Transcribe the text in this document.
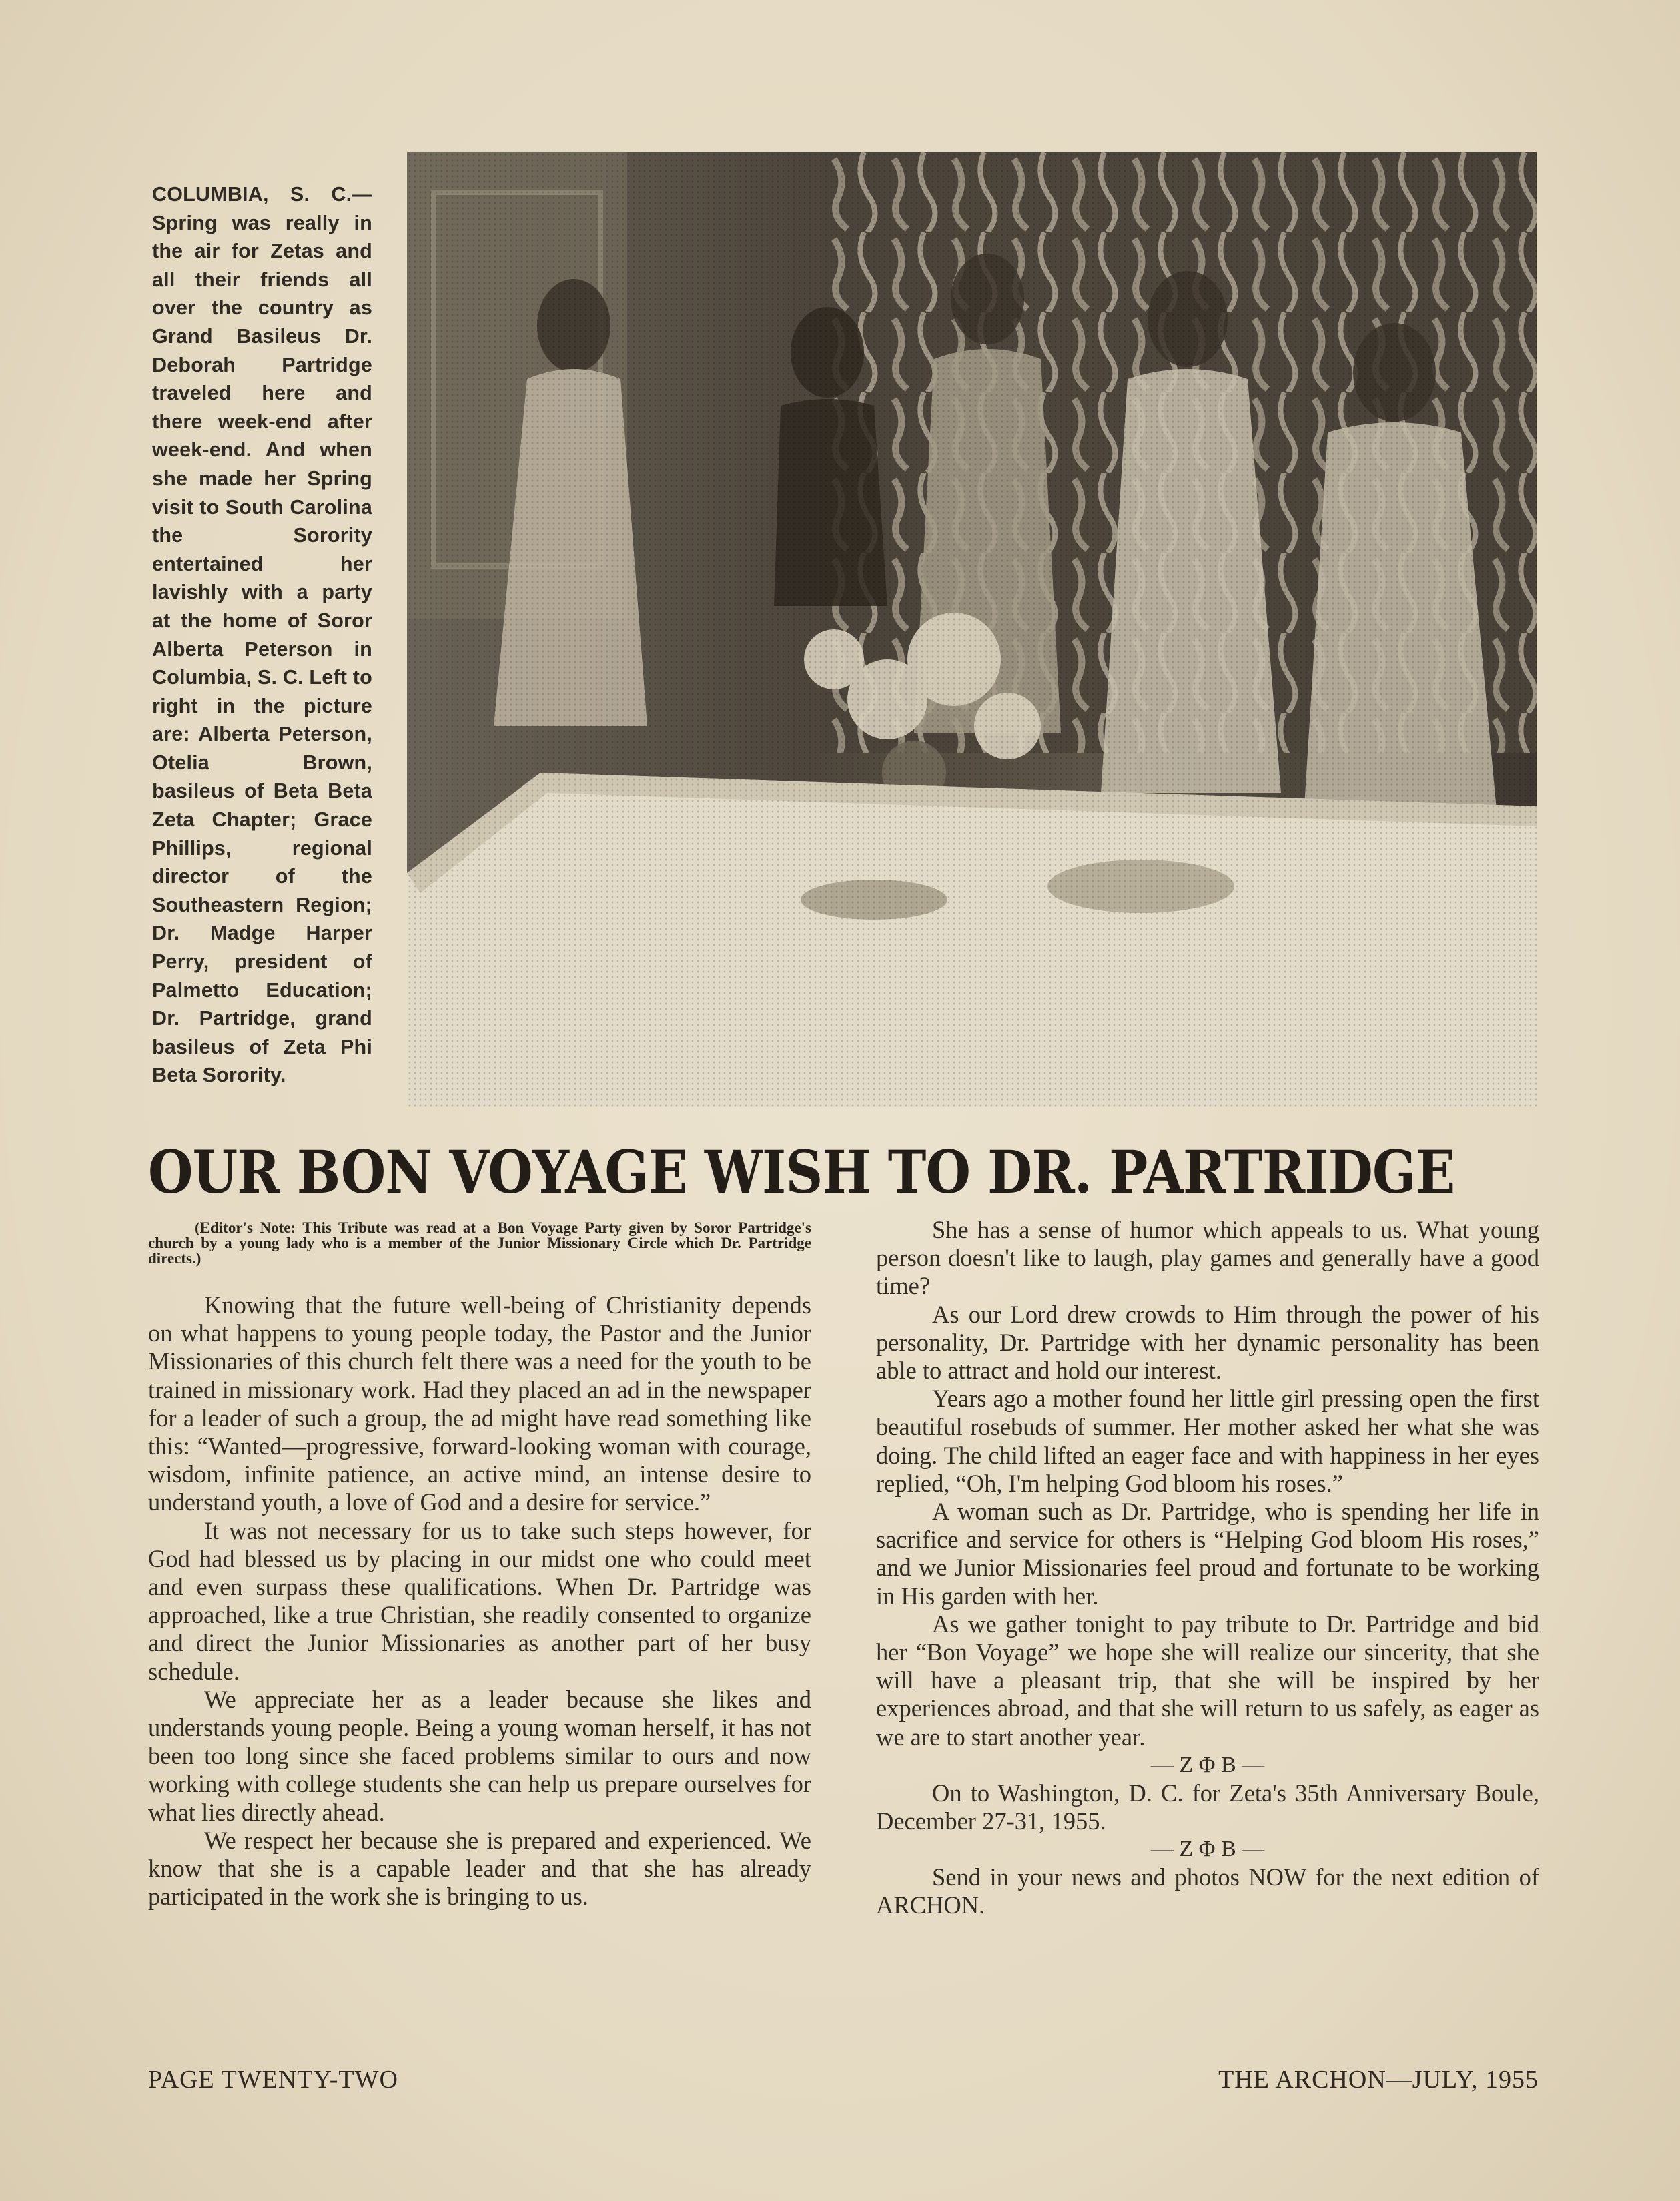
COLUMBIA, S. C.— Spring was really in the air for Zetas and all their friends all over the country as Grand Basileus Dr. Deborah Partridge traveled here and there week-end after week-end. And when she made her Spring visit to South Carolina the Sorority entertained her lavishly with a party at the home of Soror Alberta Peterson in Columbia, S. C. Left to right in the picture are: Alberta Peterson, Otelia Brown, basileus of Beta Beta Zeta Chapter; Grace Phillips, regional director of the Southeastern Region; Dr. Madge Harper Perry, president of Palmetto Education; Dr. Partridge, grand basileus of Zeta Phi Beta Sorority.
OUR BON VOYAGE WISH TO DR. PARTRIDGE
(Editor's Note: This Tribute was read at a Bon Voyage Party given by Soror Partridge's church by a young lady who is a member of the Junior Missionary Circle which Dr. Partridge directs.)

Knowing that the future well-being of Christianity depends on what happens to young people today, the Pastor and the Junior Missionaries of this church felt there was a need for the youth to be trained in missionary work. Had they placed an ad in the newspaper for a leader of such a group, the ad might have read something like this: “Wanted—progressive, forward-looking woman with courage, wisdom, infinite patience, an active mind, an intense desire to understand youth, a love of God and a desire for service.”

It was not necessary for us to take such steps however, for God had blessed us by placing in our midst one who could meet and even surpass these qualifications. When Dr. Partridge was approached, like a true Christian, she readily consented to organize and direct the Junior Missionaries as another part of her busy schedule.

We appreciate her as a leader because she likes and understands young people. Being a young woman herself, it has not been too long since she faced problems similar to ours and now working with college students she can help us prepare ourselves for what lies directly ahead.

We respect her because she is prepared and experienced. We know that she is a capable leader and that she has already participated in the work she is bringing to us.

She has a sense of humor which appeals to us. What young person doesn't like to laugh, play games and generally have a good time?

As our Lord drew crowds to Him through the power of his personality, Dr. Partridge with her dynamic personality has been able to attract and hold our interest.

Years ago a mother found her little girl pressing open the first beautiful rosebuds of summer. Her mother asked her what she was doing. The child lifted an eager face and with happiness in her eyes replied, “Oh, I'm helping God bloom his roses.”

A woman such as Dr. Partridge, who is spending her life in sacrifice and service for others is “Helping God bloom His roses,” and we Junior Missionaries feel proud and fortunate to be working in His garden with her.

As we gather tonight to pay tribute to Dr. Partridge and bid her “Bon Voyage” we hope she will realize our sincerity, that she will have a pleasant trip, that she will be inspired by her experiences abroad, and that she will return to us safely, as eager as we are to start another year.

— Z Φ B —

On to Washington, D. C. for Zeta's 35th Anniversary Boule, December 27-31, 1955.

— Z Φ B —

Send in your news and photos NOW for the next edition of ARCHON.

PAGE TWENTY-TWO	THE ARCHON—JULY, 1955
